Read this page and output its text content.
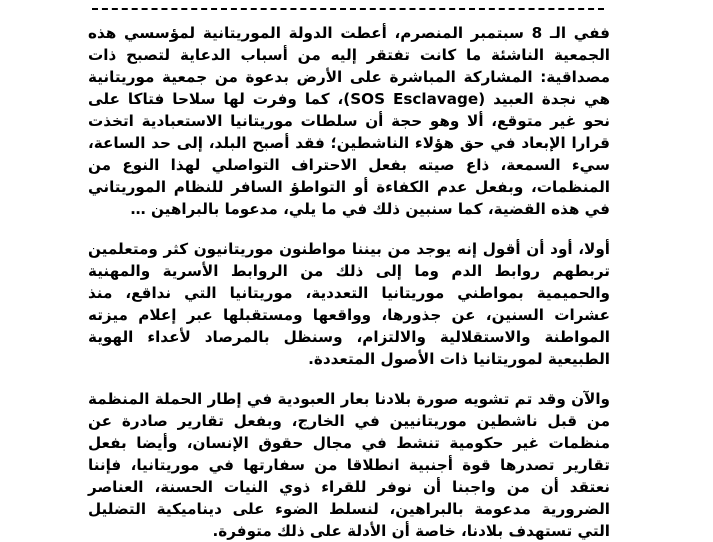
ففي الـ 8 سبتمبر المنصرم، أعطت الدولة الموريتانية لمؤسسي هذه الجمعية الناشئة ما كانت تفتقر إليه من أسباب الدعاية لتصبح ذات مصداقية: المشاركة المباشرة على الأرض بدعوة من جمعية موريتانية هي نجدة العبيد (SOS Esclavage)، كما وفرت لها سلاحا فتاكا على نحو غير متوقع، ألا وهو حجة أن سلطات موريتانيا الاستعبادية اتخذت قرارا الإبعاد في حق هؤلاء الناشطين؛ فقد أصبح البلد، إلى حد الساعة، سيء السمعة، ذاع صيته بفعل الاحتراف التواصلي لهذا النوع من المنظمات، وبفعل عدم الكفاءة أو التواطؤ السافر للنظام الموريتاني في هذه القضية، كما سنبين ذلك في ما يلي، مدعوما بالبراهين …

أولا، أود أن أقول إنه يوجد من بيننا مواطنون موريتانيون كثر ومتعلمين تربطهم روابط الدم وما إلى ذلك من الروابط الأسرية والمهنية والحميمية بمواطني موريتانيا التعددية، موريتانيا التي نداقع، منذ عشرات السنين، عن جذورها، وواقعها ومستقبلها عبر إعلام ميزته المواطنة والاستقلالية والالتزام، وسنظل بالمرصاد لأعداء الهوية الطبيعية لموريتانيا ذات الأصول المتعددة.

والآن وقد تم تشويه صورة بلادنا بعار العبودية في إطار الحملة المنظمة من قبل ناشطين موريتانيين في الخارج، وبفعل تقارير صادرة عن منظمات غير حكومية تنشط في مجال حقوق الإنسان، وأيضا بفعل تقارير تصدرها قوة أجنبية انطلاقا من سفارتها في موريتانيا، فإننا نعتقد أن من واجبنا أن نوفر للقراء ذوي النيات الحسنة، العناصر الضرورية مدعومة بالبراهين، لنسلط الضوء على ديناميكية التضليل التي تستهدف بلادنا، خاصة أن الأدلة على ذلك متوفرة.
